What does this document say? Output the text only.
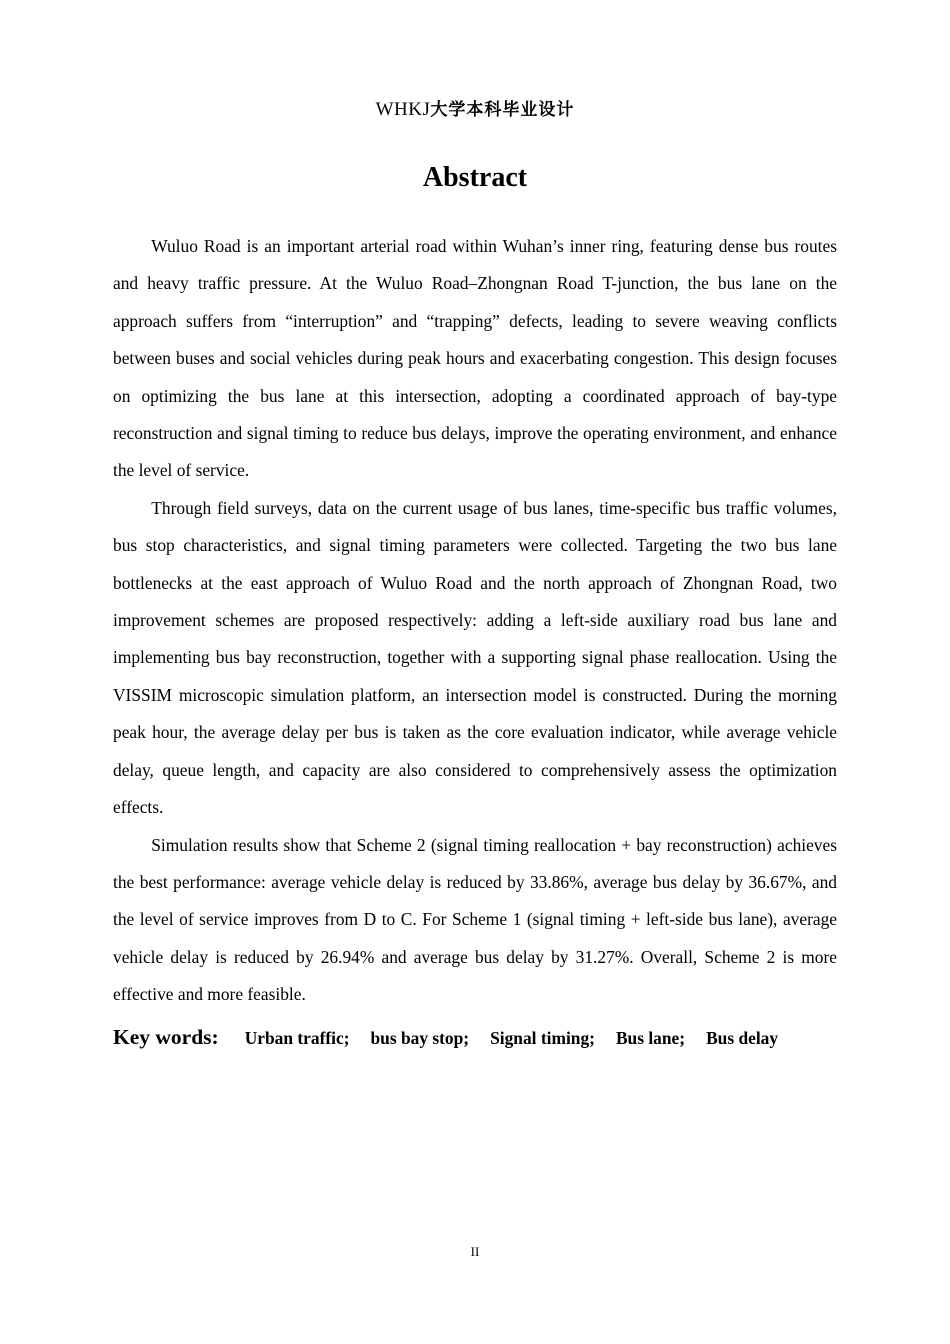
WHKJ大学本科毕业设计
Abstract

Wuluo Road is an important arterial road within Wuhan’s inner ring, featuring dense bus routes and heavy traffic pressure. At the Wuluo Road–Zhongnan Road T-junction, the bus lane on the approach suffers from “interruption” and “trapping” defects, leading to severe weaving conflicts between buses and social vehicles during peak hours and exacerbating congestion. This design focuses on optimizing the bus lane at this intersection, adopting a coordinated approach of bay-type reconstruction and signal timing to reduce bus delays, improve the operating environment, and enhance the level of service.

Through field surveys, data on the current usage of bus lanes, time-specific bus traffic volumes, bus stop characteristics, and signal timing parameters were collected. Targeting the two bus lane bottlenecks at the east approach of Wuluo Road and the north approach of Zhongnan Road, two improvement schemes are proposed respectively: adding a left-side auxiliary road bus lane and implementing bus bay reconstruction, together with a supporting signal phase reallocation. Using the VISSIM microscopic simulation platform, an intersection model is constructed. During the morning peak hour, the average delay per bus is taken as the core evaluation indicator, while average vehicle delay, queue length, and capacity are also considered to comprehensively assess the optimization effects.

Simulation results show that Scheme 2 (signal timing reallocation + bay reconstruction) achieves the best performance: average vehicle delay is reduced by 33.86%, average bus delay by 36.67%, and the level of service improves from D to C. For Scheme 1 (signal timing + left-side bus lane), average vehicle delay is reduced by 26.94% and average bus delay by 31.27%. Overall, Scheme 2 is more effective and more feasible.

Key words: Urban traffic; bus bay stop; Signal timing; Bus lane; Bus delay
II
